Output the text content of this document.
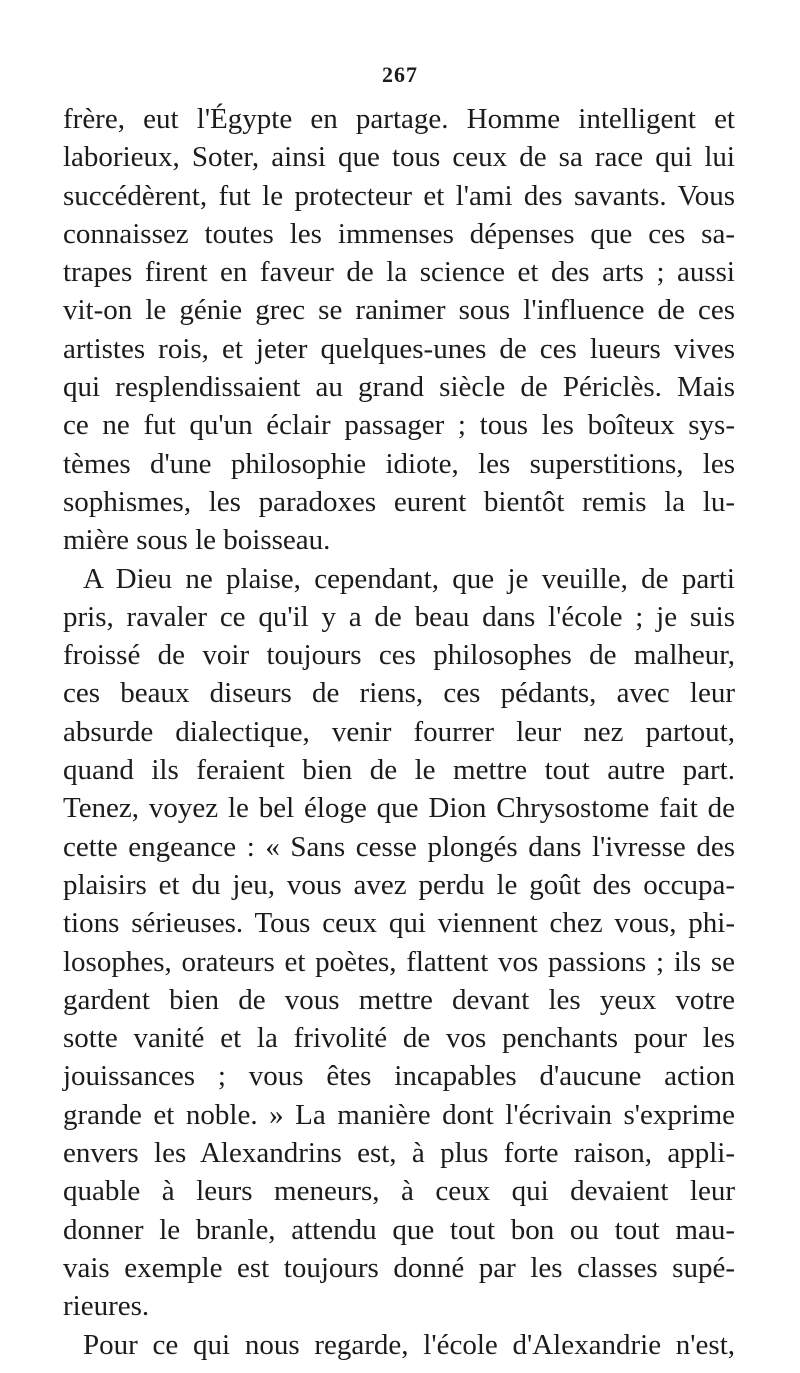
267
frère, eut l'Égypte en partage. Homme intelligent et
laborieux, Soter, ainsi que tous ceux de sa race qui lui
succédèrent, fut le protecteur et l'ami des savants. Vous
connaissez toutes les immenses dépenses que ces sa-
trapes firent en faveur de la science et des arts ; aussi
vit-on le génie grec se ranimer sous l'influence de ces
artistes rois, et jeter quelques-unes de ces lueurs vives
qui resplendissaient au grand siècle de Périclès. Mais
ce ne fut qu'un éclair passager ; tous les boîteux sys-
tèmes d'une philosophie idiote, les superstitions, les
sophismes, les paradoxes eurent bientôt remis la lu-
mière sous le boisseau.
A Dieu ne plaise, cependant, que je veuille, de parti
pris, ravaler ce qu'il y a de beau dans l'école ; je suis
froissé de voir toujours ces philosophes de malheur,
ces beaux diseurs de riens, ces pédants, avec leur
absurde dialectique, venir fourrer leur nez partout,
quand ils feraient bien de le mettre tout autre part.
Tenez, voyez le bel éloge que Dion Chrysostome fait de
cette engeance : « Sans cesse plongés dans l'ivresse des
plaisirs et du jeu, vous avez perdu le goût des occupa-
tions sérieuses. Tous ceux qui viennent chez vous, phi-
losophes, orateurs et poètes, flattent vos passions ; ils se
gardent bien de vous mettre devant les yeux votre
sotte vanité et la frivolité de vos penchants pour les
jouissances ; vous êtes incapables d'aucune action
grande et noble. » La manière dont l'écrivain s'exprime
envers les Alexandrins est, à plus forte raison, appli-
quable à leurs meneurs, à ceux qui devaient leur
donner le branle, attendu que tout bon ou tout mau-
vais exemple est toujours donné par les classes supé-
rieures.
Pour ce qui nous regarde, l'école d'Alexandrie n'est,
